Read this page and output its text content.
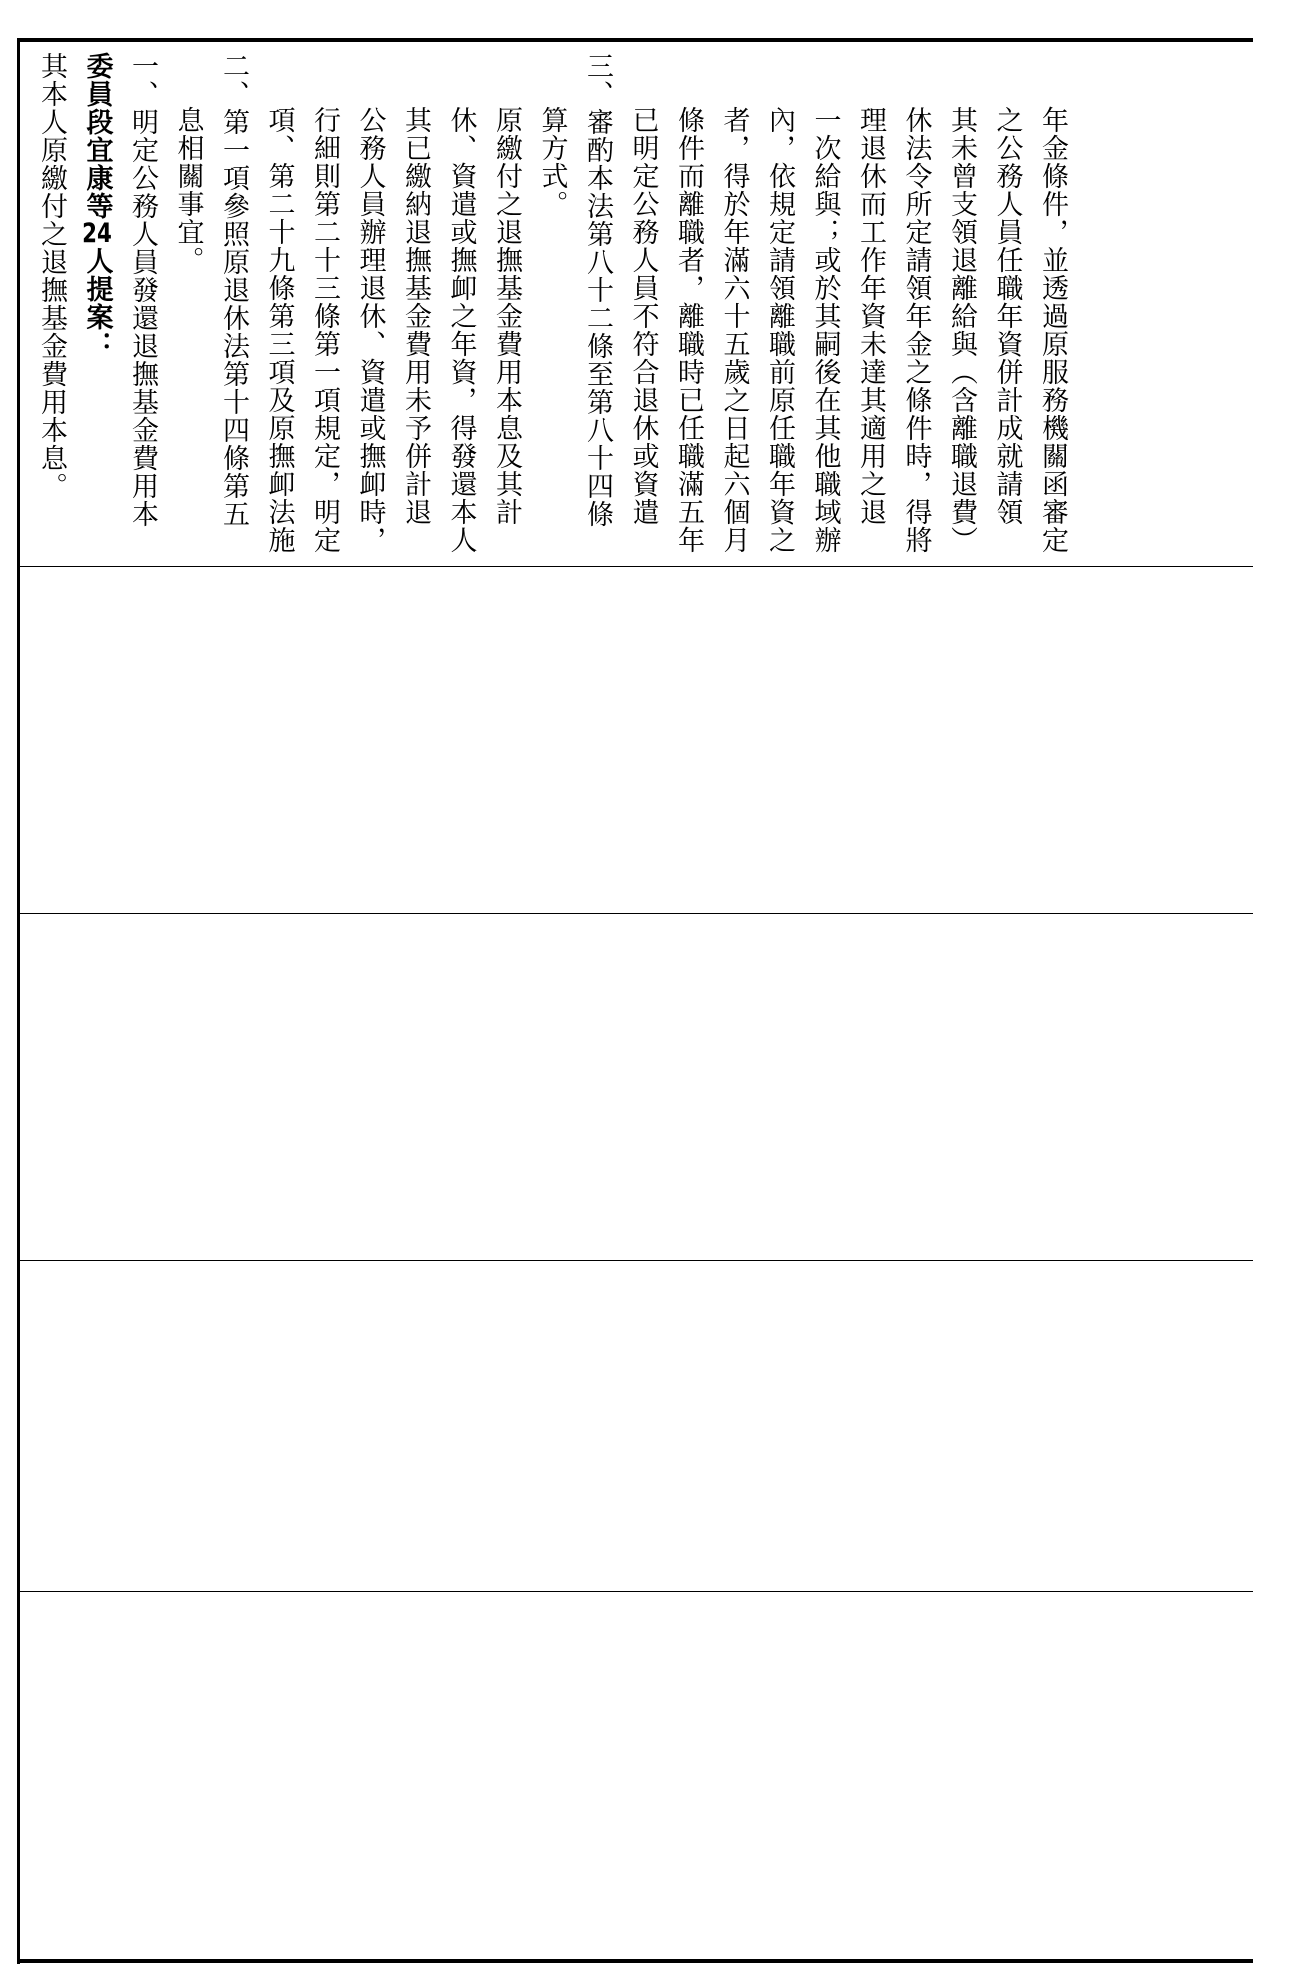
其本人原繳付之退撫基金費用本息。 委員段宜康等24人提案： 一、明定公務人員發還退撫基金費用本 息相關事宜。 二、第一項參照原退休法第十四條第五 項、第二十九條第三項及原撫卹法施 行細則第二十三條第一項規定，明定 公務人員辦理退休、資遣或撫卹時， 其已繳納退撫基金費用未予併計退 休、資遣或撫卹之年資，得發還本人 原繳付之退撫基金費用本息及其計 算方式。 三、審酌本法第八十二條至第八十四條 已明定公務人員不符合退休或資遣 條件而離職者，離職時已任職滿五年 者，得於年滿六十五歲之日起六個月 內，依規定請領離職前原任職年資之 一次給與；或於其嗣後在其他職域辦 理退休而工作年資未達其適用之退 休法令所定請領年金之條件時，得將 其未曾支領退離給與（含離職退費） 之公務人員任職年資併計成就請領 年金條件，並透過原服務機關函審定
